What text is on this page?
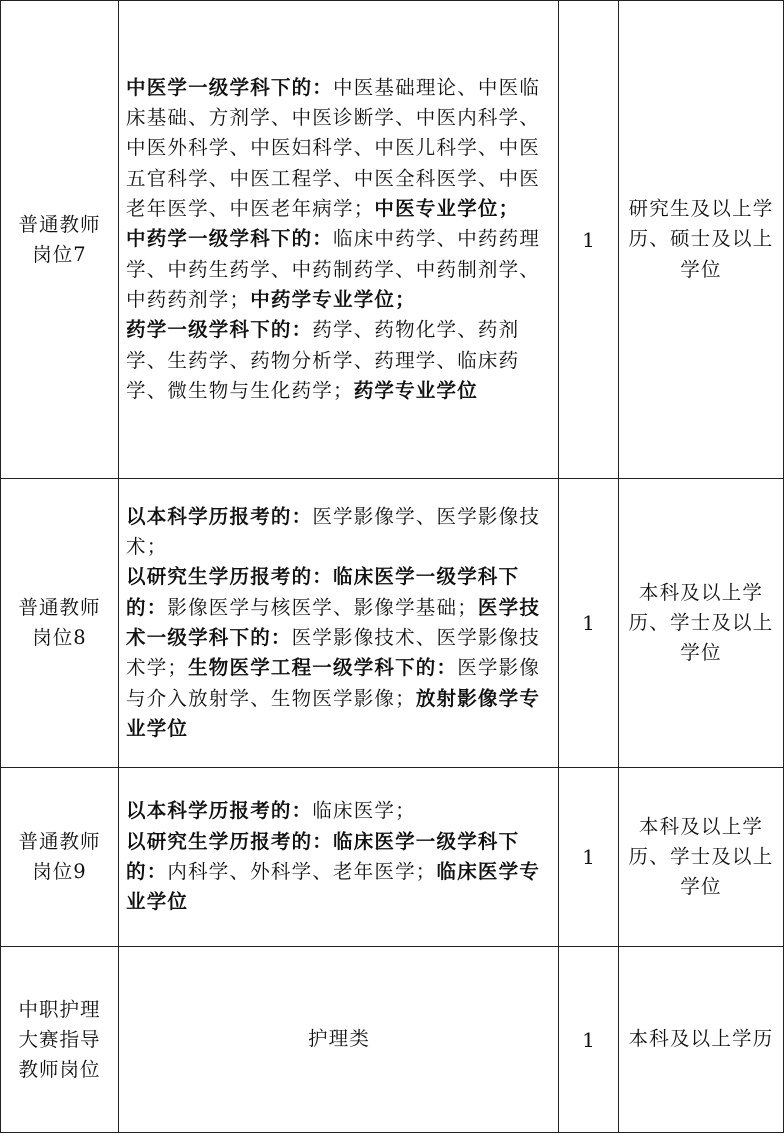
普通教师
岗位7	中医学一级学科下的：中医基础理论、中医临床基础、方剂学、中医诊断学、中医内科学、中医外科学、中医妇科学、中医儿科学、中医五官科学、中医工程学、中医全科医学、中医老年医学、中医老年病学；中医专业学位；
中药学一级学科下的：临床中药学、中药药理学、中药生药学、中药制药学、中药制剂学、中药药剂学；中药学专业学位；
药学一级学科下的：药学、药物化学、药剂学、生药学、药物分析学、药理学、临床药学、微生物与生化药学；药学专业学位	1	研究生及以上学历、硕士及以上学位

普通教师
岗位8	以本科学历报考的：医学影像学、医学影像技术；
以研究生学历报考的：临床医学一级学科下的：影像医学与核医学、影像学基础；医学技术一级学科下的：医学影像技术、医学影像技术学；生物医学工程一级学科下的：医学影像与介入放射学、生物医学影像；放射影像学专业学位	1	本科及以上学历、学士及以上学位

普通教师
岗位9	以本科学历报考的：临床医学；
以研究生学历报考的：临床医学一级学科下的：内科学、外科学、老年医学；临床医学专业学位	1	本科及以上学历、学士及以上学位

中职护理
大赛指导
教师岗位	护理类	1	本科及以上学历
